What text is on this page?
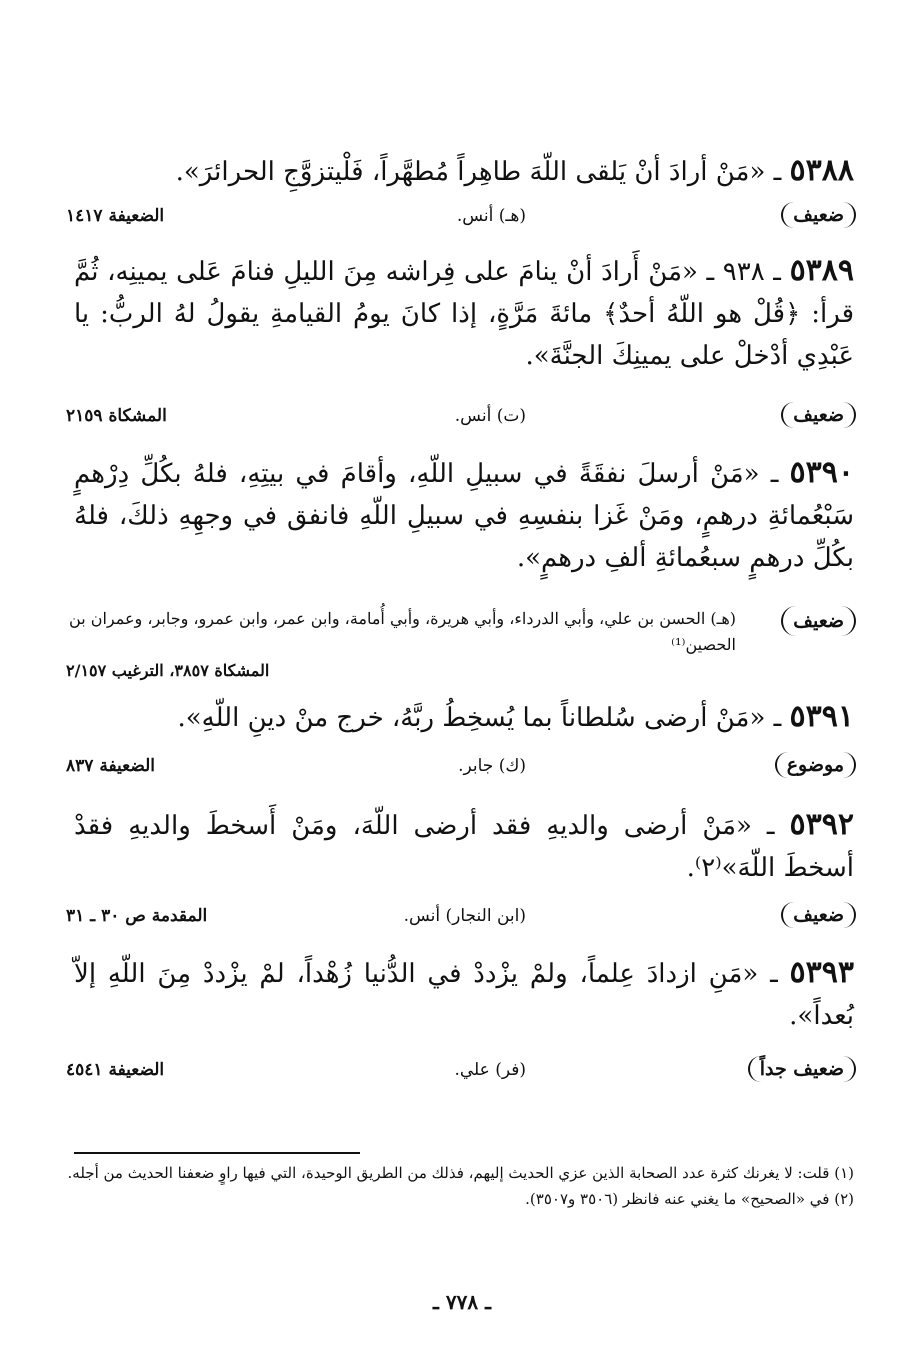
٥٣٨٨ ـ «مَنْ أرادَ أنْ يَلقى اللّهَ طاهِراً مُطهَّراً، فَلْيتزوَّجِ الحرائرَ».

ضعيف
(هـ) أنس.
الضعيفة ١٤١٧

٥٣٨٩ ـ ٩٣٨ ـ «مَنْ أَرادَ أنْ ينامَ على فِراشه مِنَ الليلِ فنامَ عَلى يمينِه، ثُمَّ قرأ: ﴿قُلْ هو اللّهُ أحدٌ﴾ مائةَ مَرَّةٍ، إذا كانَ يومُ القيامةِ يقولُ لهُ الربُّ: يا عَبْدِي أدْخلْ على يمينِكَ الجنَّةَ».

ضعيف
(ت) أنس.
المشكاة ٢١٥٩

٥٣٩٠ ـ «مَنْ أرسلَ نفقَةً في سبيلِ اللّهِ، وأقامَ في بيتِهِ، فلهُ بكُلِّ دِرْهمٍ سَبْعُمائةِ درهمٍ، ومَنْ غَزا بنفسِهِ في سبيلِ اللّهِ فانفق في وجهِهِ ذلكَ، فلهُ بكُلِّ درهمٍ سبعُمائةِ ألفِ درهمٍ».

ضعيف
(هـ) الحسن بن علي، وأبي الدرداء، وأبي هريرة، وأبي أُمامة، وابن عمر، وابن عمرو، وجابر، وعمران بن الحصين⁽¹⁾
المشكاة ٣٨٥٧، الترغيب ٢/١٥٧

٥٣٩١ ـ «مَنْ أرضى سُلطاناً بما يُسخِطُ ربَّهُ، خرج منْ دينِ اللّهِ».

موضوع
(ك) جابر.
الضعيفة ٨٣٧

٥٣٩٢ ـ «مَنْ أرضى والديهِ فقد أرضى اللّهَ، ومَنْ أَسخطَ والديهِ فقدْ أسخطَ اللّهَ»⁽٢⁾.

ضعيف
(ابن النجار) أنس.
المقدمة ص ٣٠ ـ ٣١

٥٣٩٣ ـ «مَنِ ازدادَ عِلماً، ولمْ يزْددْ في الدُّنيا زُهْداً، لمْ يزْددْ مِنَ اللّهِ إلاّ بُعداً».

ضعيف جداً
(فر) علي.
الضعيفة ٤٥٤١

(١) قلت: لا يغرنك كثرة عدد الصحابة الذين عزي الحديث إليهم، فذلك من الطريق الوحيدة، التي فيها راوٍ ضعفنا الحديث من أجله.

(٢) في «الصحيح» ما يغني عنه فانظر (٣٥٠٦ و٣٥٠٧).

ـ ٧٧٨ ـ
